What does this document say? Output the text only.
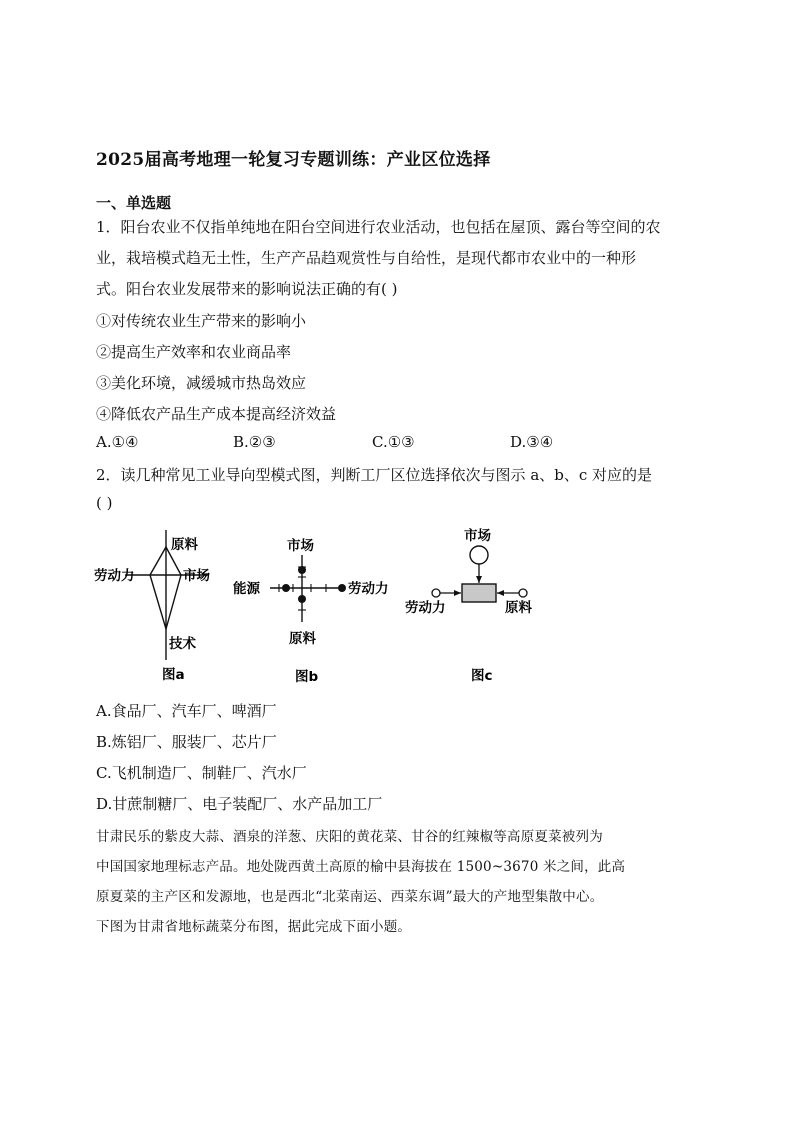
2025届高考地理一轮复习专题训练：产业区位选择
一、单选题
1．阳台农业不仅指单纯地在阳台空间进行农业活动，也包括在屋顶、露台等空间的农
业，栽培模式趋无土性，生产产品趋观赏性与自给性，是现代都市农业中的一种形
式。阳台农业发展带来的影响说法正确的有( )
①对传统农业生产带来的影响小
②提高生产效率和农业商品率
③美化环境，减缓城市热岛效应
④降低农产品生产成本提高经济效益
A.①④	B.②③	C.①③	D.③④
2．读几种常见工业导向型模式图，判断工厂区位选择依次与图示 a、b、c 对应的是
( )
原料
劳动力	市场
技术
图a
市场
能源	劳动力
原料
图b
市场
劳动力	原料
图c
A.食品厂、汽车厂、啤酒厂
B.炼铝厂、服装厂、芯片厂
C.飞机制造厂、制鞋厂、汽水厂
D.甘蔗制糖厂、电子装配厂、水产品加工厂
甘肃民乐的紫皮大蒜、酒泉的洋葱、庆阳的黄花菜、甘谷的红辣椒等高原夏菜被列为
中国国家地理标志产品。地处陇西黄土高原的榆中县海拔在 1500~3670 米之间，此高
原夏菜的主产区和发源地，也是西北“北菜南运、西菜东调”最大的产地型集散中心。
下图为甘肃省地标蔬菜分布图，据此完成下面小题。
